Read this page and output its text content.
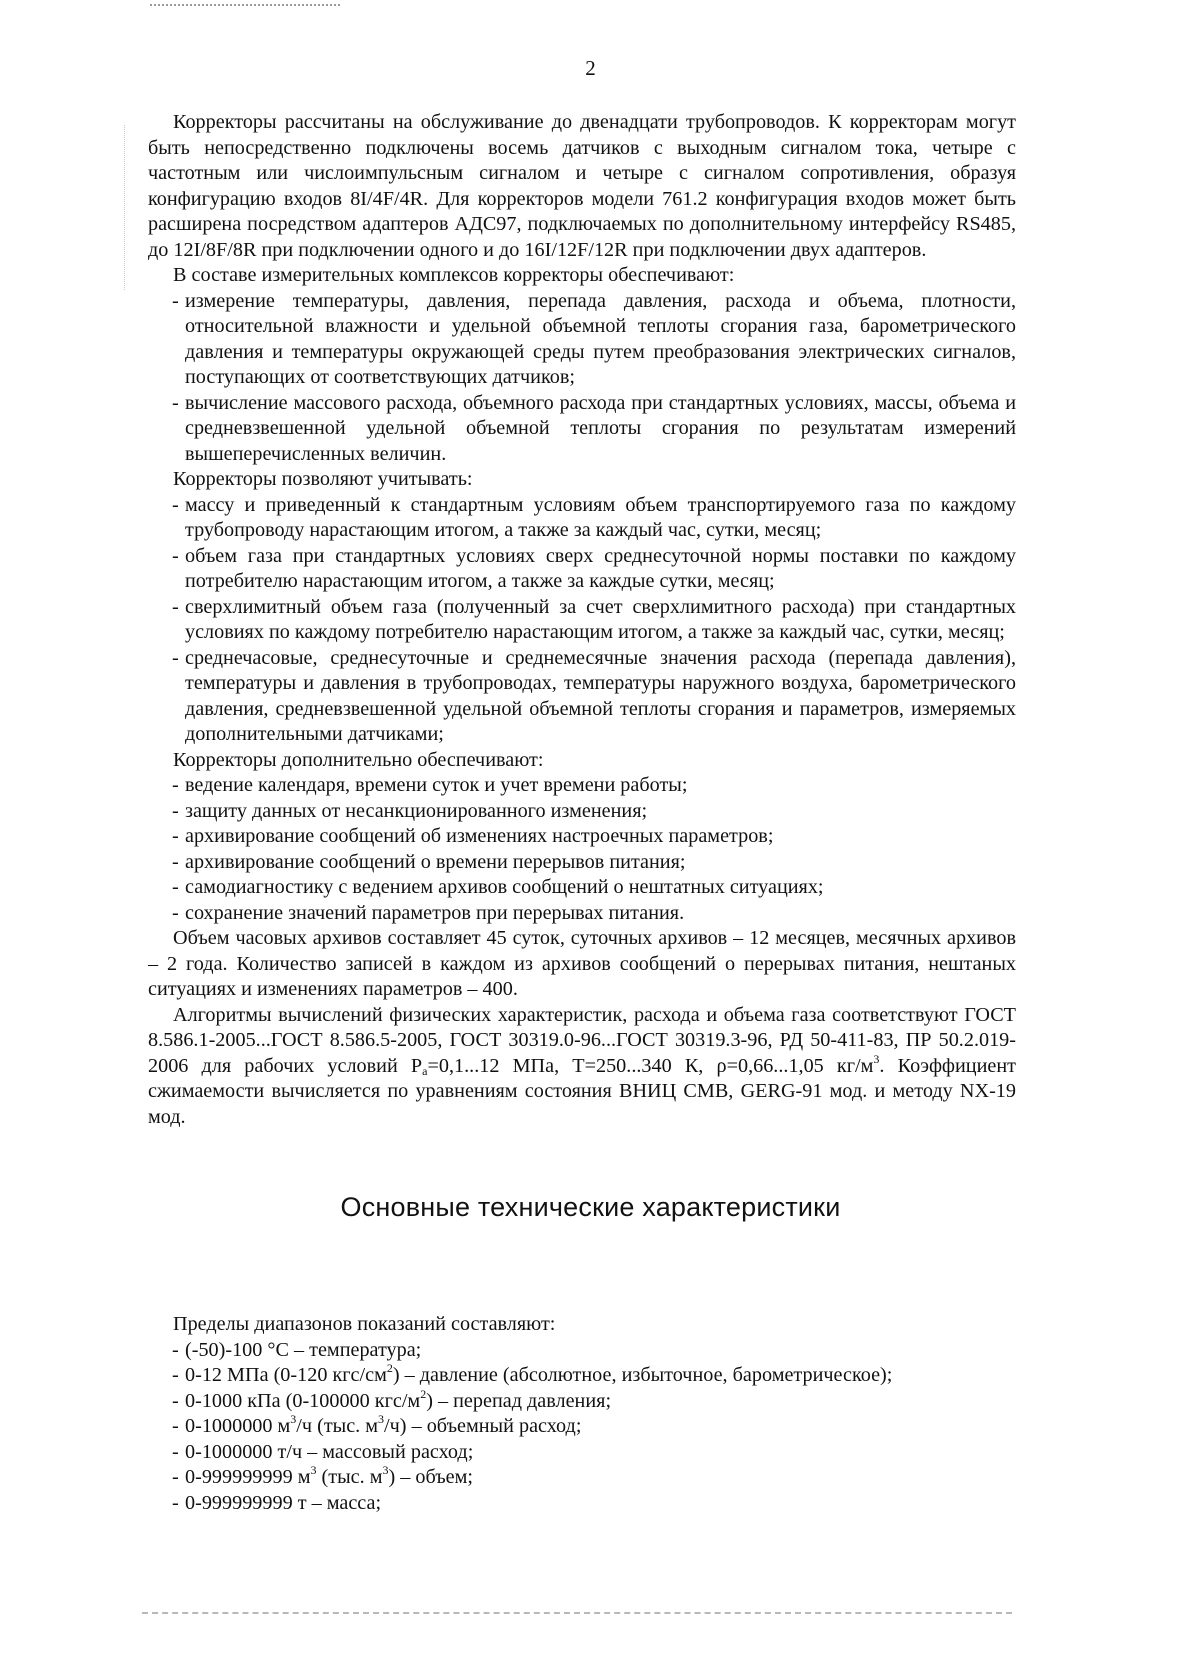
2

Корректоры рассчитаны на обслуживание до двенадцати трубопроводов. К корректорам могут быть непосредственно подключены восемь датчиков с выходным сигналом тока, четыре с частотным или числоимпульсным сигналом и четыре с сигналом сопротивления, образуя конфигурацию входов 8I/4F/4R. Для корректоров модели 761.2 конфигурация входов может быть расширена посредством адаптеров АДС97, подключаемых по дополнительному интерфейсу RS485, до 12I/8F/8R при подключении одного и до 16I/12F/12R при подключении двух адаптеров.

В составе измерительных комплексов корректоры обеспечивают:

- измерение температуры, давления, перепада давления, расхода и объема, плотности, относительной влажности и удельной объемной теплоты сгорания газа, барометрического давления и температуры окружающей среды путем преобразования электрических сигналов, поступающих от соответствующих датчиков;
- вычисление массового расхода, объемного расхода при стандартных условиях, массы, объема и средневзвешенной удельной объемной теплоты сгорания по результатам измерений вышеперечисленных величин.

Корректоры позволяют учитывать:

- массу и приведенный к стандартным условиям объем транспортируемого газа по каждому трубопроводу нарастающим итогом, а также за каждый час, сутки, месяц;
- объем газа при стандартных условиях сверх среднесуточной нормы поставки по каждому потребителю нарастающим итогом, а также за каждые сутки, месяц;
- сверхлимитный объем газа (полученный за счет сверхлимитного расхода) при стандартных условиях по каждому потребителю нарастающим итогом, а также за каждый час, сутки, месяц;
- среднечасовые, среднесуточные и среднемесячные значения расхода (перепада давления), температуры и давления в трубопроводах, температуры наружного воздуха, барометрического давления, средневзвешенной удельной объемной теплоты сгорания и параметров, измеряемых дополнительными датчиками;

Корректоры дополнительно обеспечивают:

- ведение календаря, времени суток и учет времени работы;
- защиту данных от несанкционированного изменения;
- архивирование сообщений об изменениях настроечных параметров;
- архивирование сообщений о времени перерывов питания;
- самодиагностику с ведением архивов сообщений о нештатных ситуациях;
- сохранение значений параметров при перерывах питания.

Объем часовых архивов составляет 45 суток, суточных архивов – 12 месяцев, месячных архивов – 2 года. Количество записей в каждом из архивов сообщений о перерывах питания, нештаных ситуациях и изменениях параметров – 400.

Алгоритмы вычислений физических характеристик, расхода и объема газа соответствуют ГОСТ 8.586.1-2005...ГОСТ 8.586.5-2005, ГОСТ 30319.0-96...ГОСТ 30319.3-96, РД 50-411-83, ПР 50.2.019-2006 для рабочих условий $P_a=0,1...12$ МПа, T=250...340 К, ρ=0,66...1,05 $кг/м^3$. Коэффициент сжимаемости вычисляется по уравнениям состояния ВНИЦ СМВ, GERG-91 мод. и методу NX-19 мод.

Основные технические характеристики

Пределы диапазонов показаний составляют:

- (-50)-100 °С – температура;
- 0-12 МПа (0-120 кгс/$см^2$) – давление (абсолютное, избыточное, барометрическое);
- 0-1000 кПа (0-100000 кгс/$м^2$) – перепад давления;
- 0-1000000 $м^3/ч$ (тыс. $м^3/ч$) – объемный расход;
- 0-1000000 т/ч – массовый расход;
- 0-999999999 $м^3$ (тыс. $м^3$) – объем;
- 0-999999999 т – масса;
